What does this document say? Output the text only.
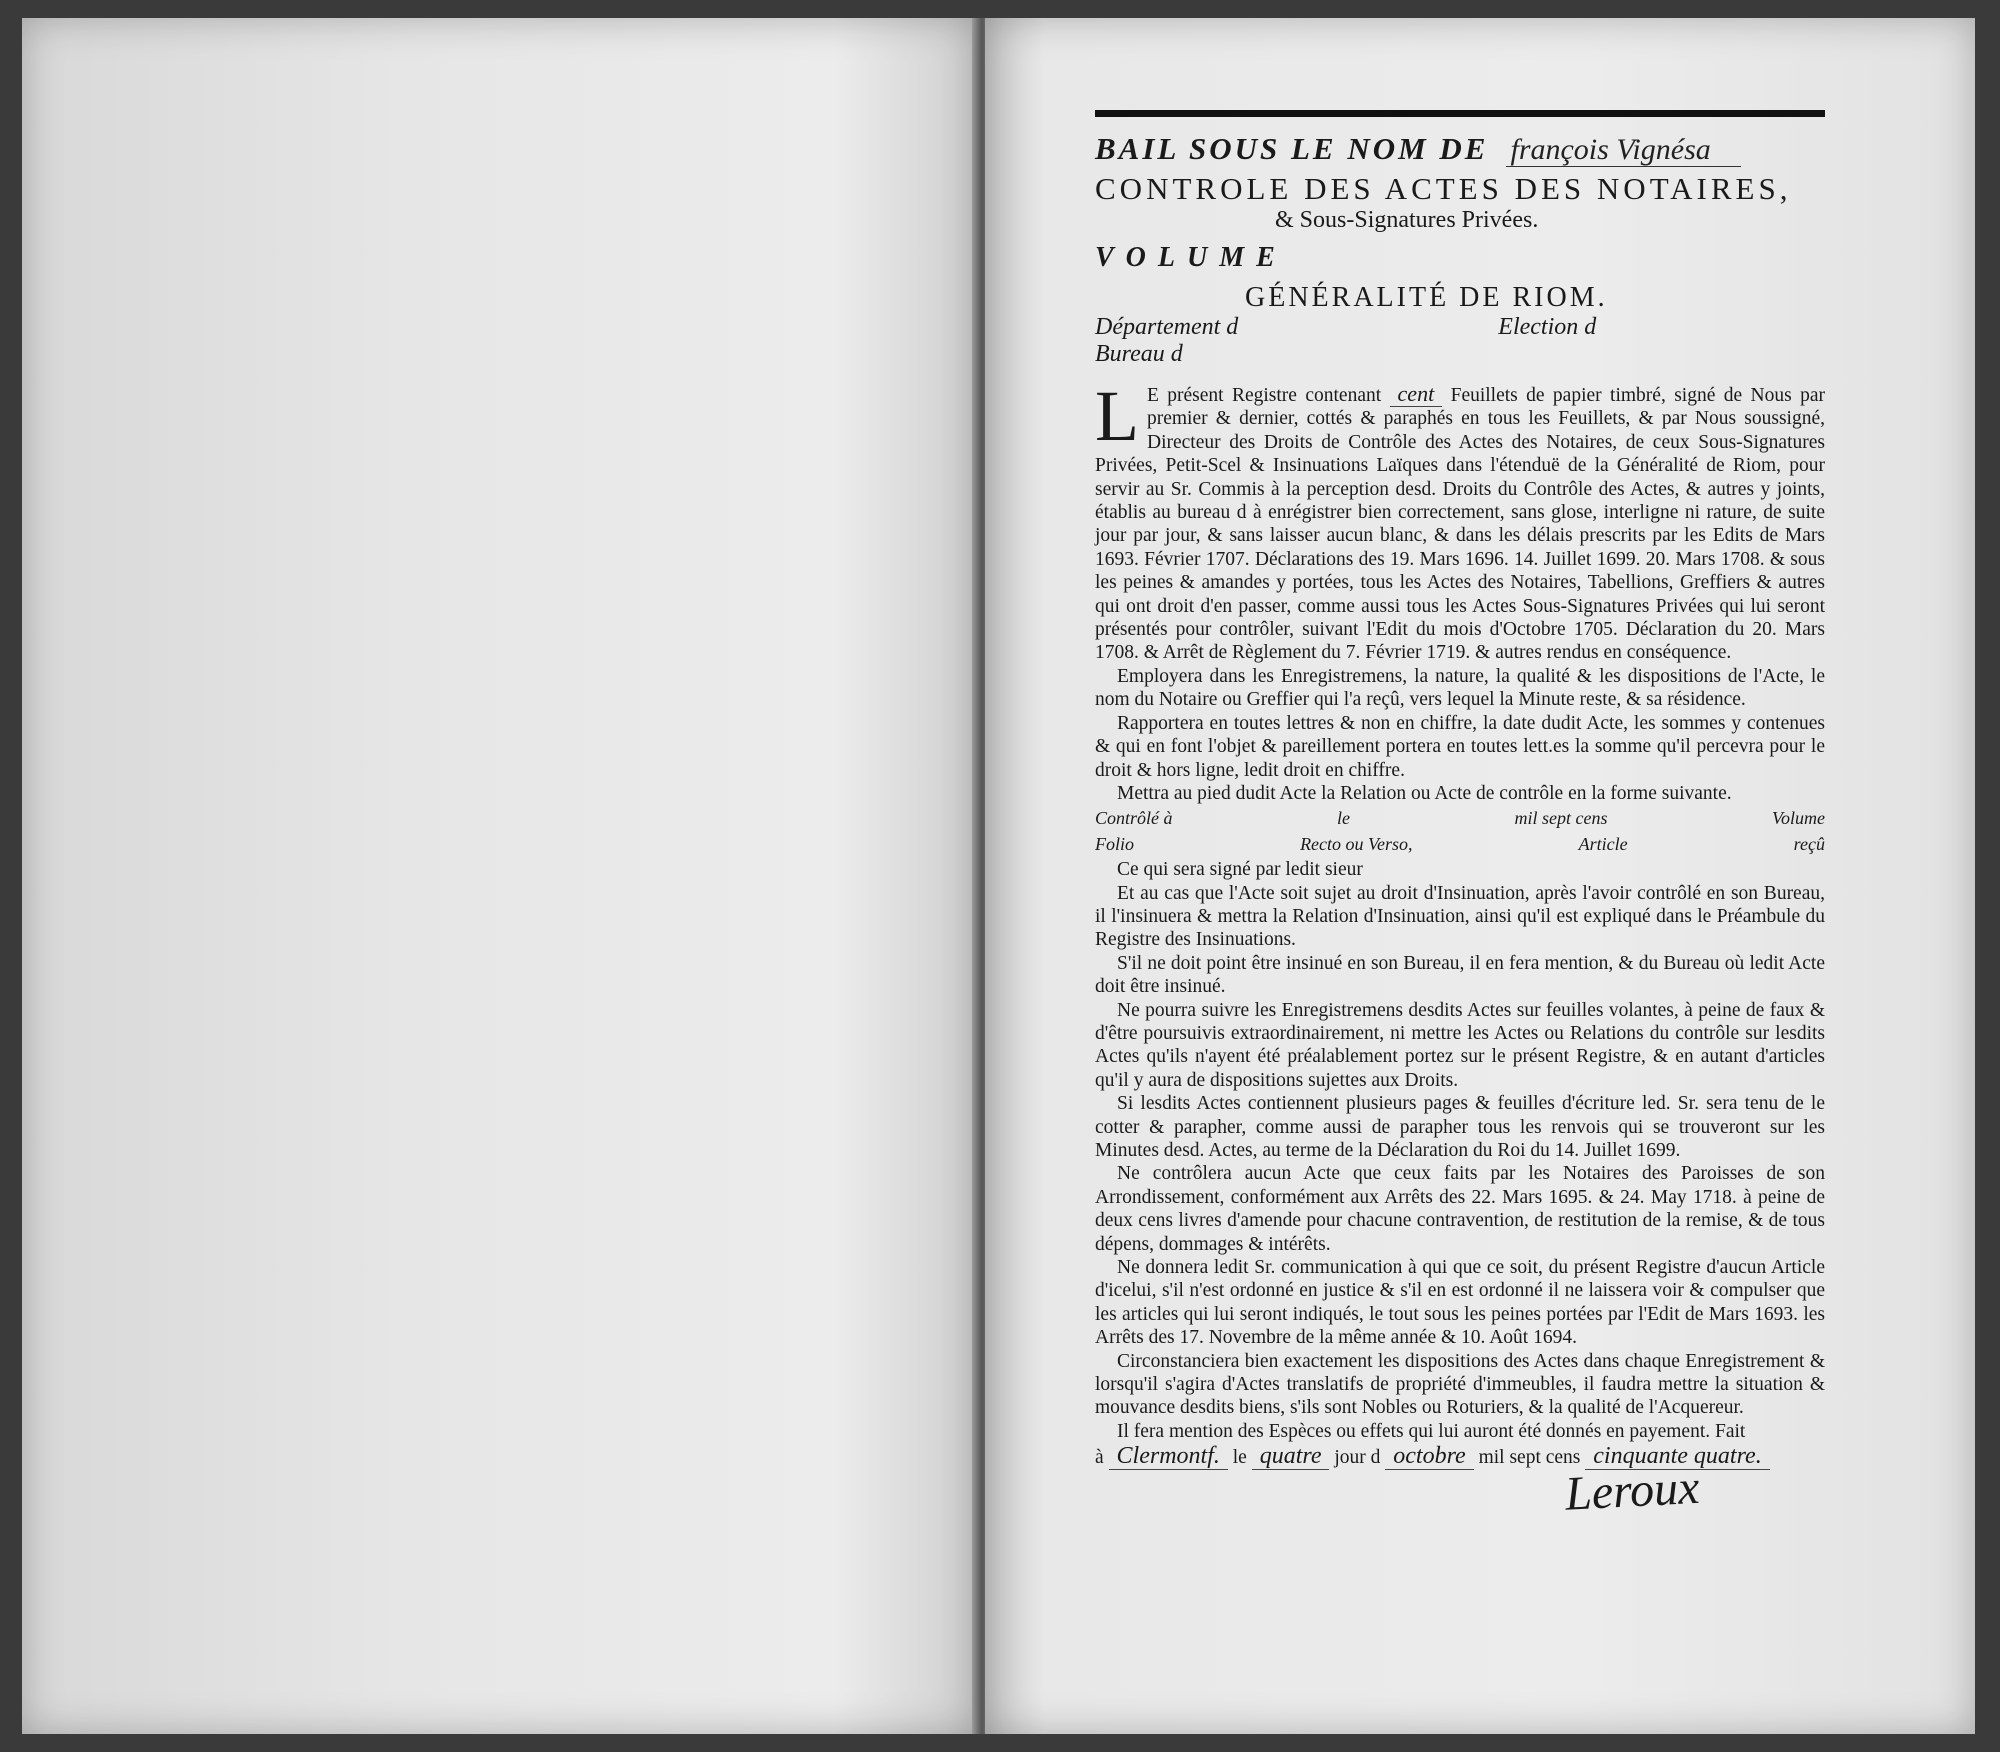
BAIL SOUS LE NOM DE françois Vignésa
CONTROLE DES ACTES DES NOTAIRES,
& Sous-Signatures Privées.
VOLUME
GÉNÉRALITÉ DE RIOM.
Département d	Election d
Bureau d

L E présent Registre contenant cent Feuillets de papier timbré, signé de Nous par premier & dernier, cottés & paraphés en tous les Feuillets, & par Nous soussigné, Directeur des Droits de Contrôle des Actes des Notaires, de ceux Sous-Signatures Privées, Petit-Scel & Insinuations Laïques dans l'étenduë de la Généralité de Riom, pour servir au Sr. Commis à la perception desd. Droits du Contrôle des Actes, & autres y joints, établis au bureau d à enrégistrer bien correctement, sans glose, interligne ni rature, de suite jour par jour, & sans laisser aucun blanc, & dans les délais prescrits par les Edits de Mars 1693. Février 1707. Déclarations des 19. Mars 1696. 14. Juillet 1699. 20. Mars 1708. & sous les peines & amandes y portées, tous les Actes des Notaires, Tabellions, Greffiers & autres qui ont droit d'en passer, comme aussi tous les Actes Sous-Signatures Privées qui lui seront présentés pour contrôler, suivant l'Edit du mois d'Octobre 1705. Déclaration du 20. Mars 1708. & Arrêt de Règlement du 7. Février 1719. & autres rendus en conséquence.

Employera dans les Enregistremens, la nature, la qualité & les dispositions de l'Acte, le nom du Notaire ou Greffier qui l'a reçû, vers lequel la Minute reste, & sa résidence.

Rapportera en toutes lettres & non en chiffre, la date dudit Acte, les sommes y contenues & qui en font l'objet & pareillement portera en toutes lett.es la somme qu'il percevra pour le droit & hors ligne, ledit droit en chiffre.

Mettra au pied dudit Acte la Relation ou Acte de contrôle en la forme suivante.

Contrôlé à	le	mil sept cens	Volume
Folio	Recto ou Verso,	Article	reçû

Ce qui sera signé par ledit sieur

Et au cas que l'Acte soit sujet au droit d'Insinuation, après l'avoir contrôlé en son Bureau, il l'insinuera & mettra la Relation d'Insinuation, ainsi qu'il est expliqué dans le Préambule du Registre des Insinuations.

S'il ne doit point être insinué en son Bureau, il en fera mention, & du Bureau où ledit Acte doit être insinué.

Ne pourra suivre les Enregistremens desdits Actes sur feuilles volantes, à peine de faux & d'être poursuivis extraordinairement, ni mettre les Actes ou Relations du contrôle sur lesdits Actes qu'ils n'ayent été préalablement portez sur le présent Registre, & en autant d'articles qu'il y aura de dispositions sujettes aux Droits.

Si lesdits Actes contiennent plusieurs pages & feuilles d'écriture led. Sr. sera tenu de le cotter & parapher, comme aussi de parapher tous les renvois qui se trouveront sur les Minutes desd. Actes, au terme de la Déclaration du Roi du 14. Juillet 1699.

Ne contrôlera aucun Acte que ceux faits par les Notaires des Paroisses de son Arrondissement, conformément aux Arrêts des 22. Mars 1695. & 24. May 1718. à peine de deux cens livres d'amende pour chacune contravention, de restitution de la remise, & de tous dépens, dommages & intérêts.

Ne donnera ledit Sr. communication à qui que ce soit, du présent Registre d'aucun Article d'icelui, s'il n'est ordonné en justice & s'il en est ordonné il ne laissera voir & compulser que les articles qui lui seront indiqués, le tout sous les peines portées par l'Edit de Mars 1693. les Arrêts des 17. Novembre de la même année & 10. Août 1694.

Circonstanciera bien exactement les dispositions des Actes dans chaque Enregistrement & lorsqu'il s'agira d'Actes translatifs de propriété d'immeubles, il faudra mettre la situation & mouvance desdits biens, s'ils sont Nobles ou Roturiers, & la qualité de l'Acquereur.

Il fera mention des Espèces ou effets qui lui auront été donnés en payement. Fait

à Clermontf. le quatre jour d octobre mil sept cens cinquante quatre.
Leroux
